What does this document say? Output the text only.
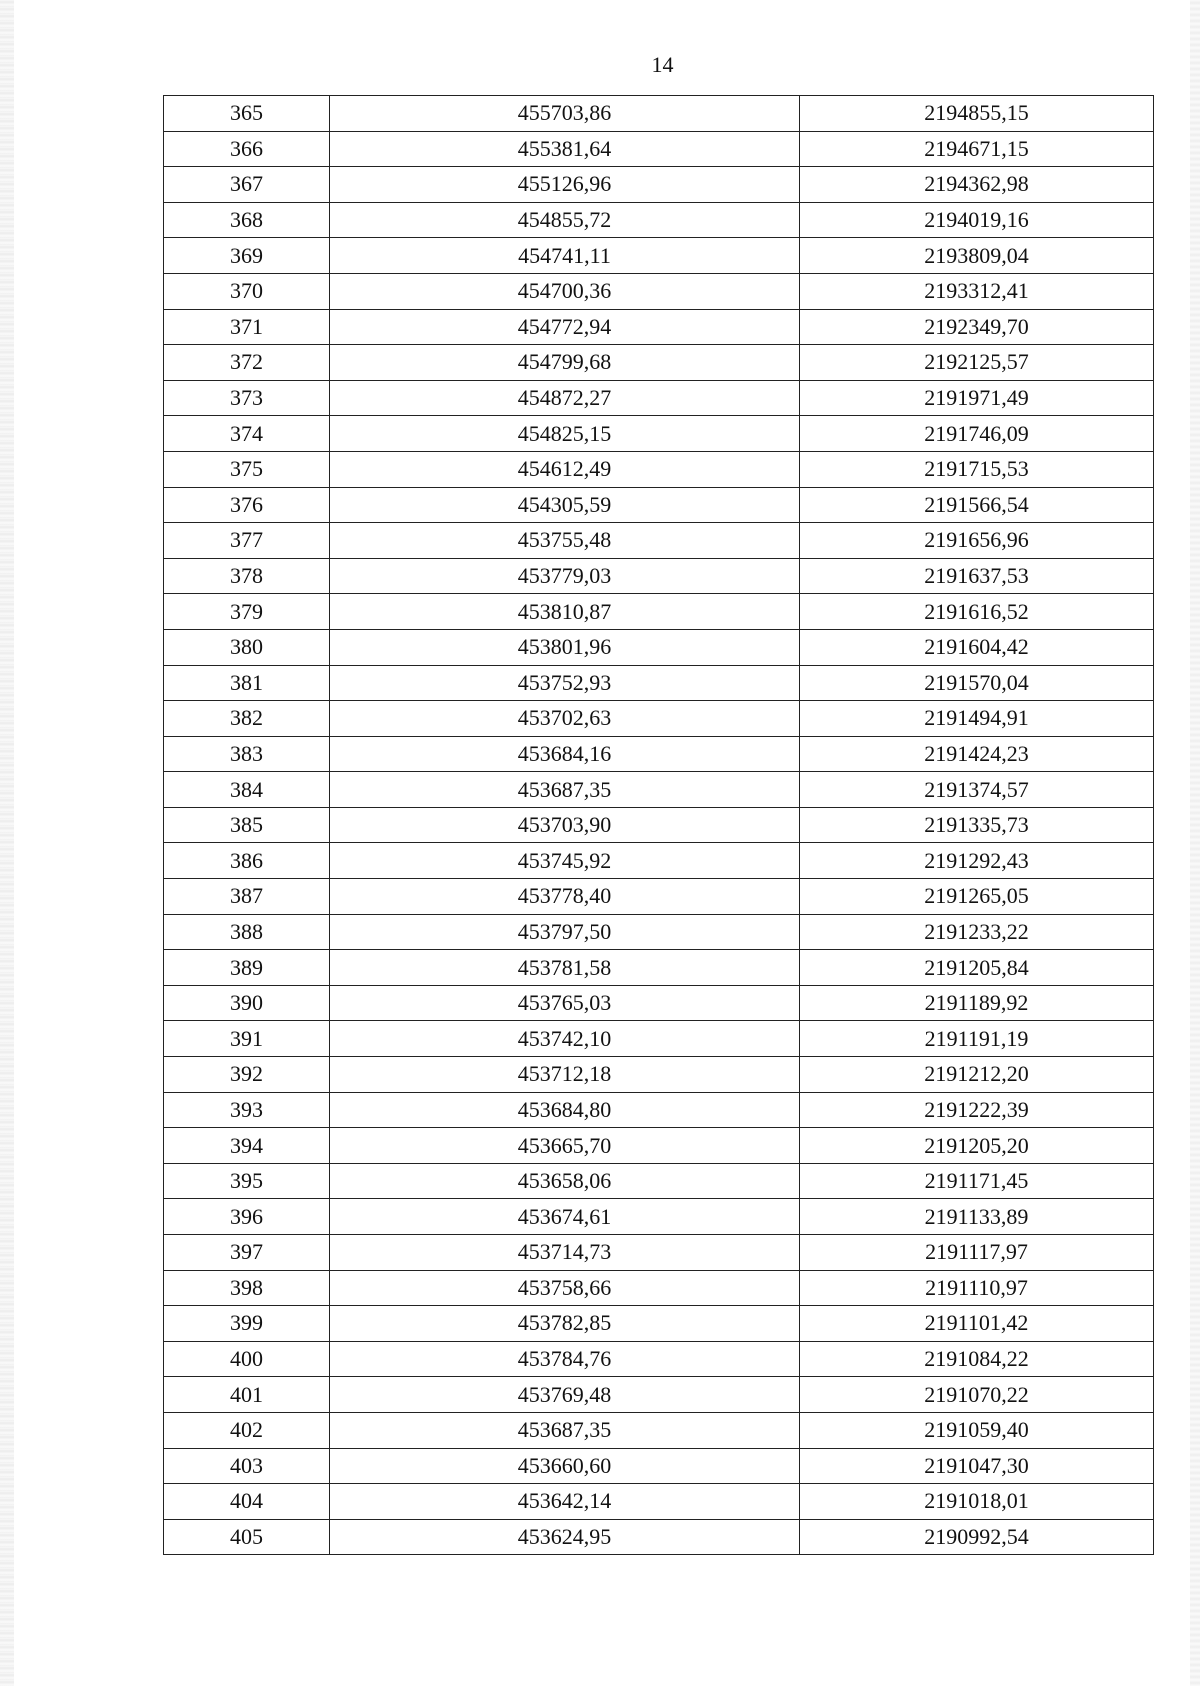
14
365	455703,86	2194855,15
366	455381,64	2194671,15
367	455126,96	2194362,98
368	454855,72	2194019,16
369	454741,11	2193809,04
370	454700,36	2193312,41
371	454772,94	2192349,70
372	454799,68	2192125,57
373	454872,27	2191971,49
374	454825,15	2191746,09
375	454612,49	2191715,53
376	454305,59	2191566,54
377	453755,48	2191656,96
378	453779,03	2191637,53
379	453810,87	2191616,52
380	453801,96	2191604,42
381	453752,93	2191570,04
382	453702,63	2191494,91
383	453684,16	2191424,23
384	453687,35	2191374,57
385	453703,90	2191335,73
386	453745,92	2191292,43
387	453778,40	2191265,05
388	453797,50	2191233,22
389	453781,58	2191205,84
390	453765,03	2191189,92
391	453742,10	2191191,19
392	453712,18	2191212,20
393	453684,80	2191222,39
394	453665,70	2191205,20
395	453658,06	2191171,45
396	453674,61	2191133,89
397	453714,73	2191117,97
398	453758,66	2191110,97
399	453782,85	2191101,42
400	453784,76	2191084,22
401	453769,48	2191070,22
402	453687,35	2191059,40
403	453660,60	2191047,30
404	453642,14	2191018,01
405	453624,95	2190992,54
